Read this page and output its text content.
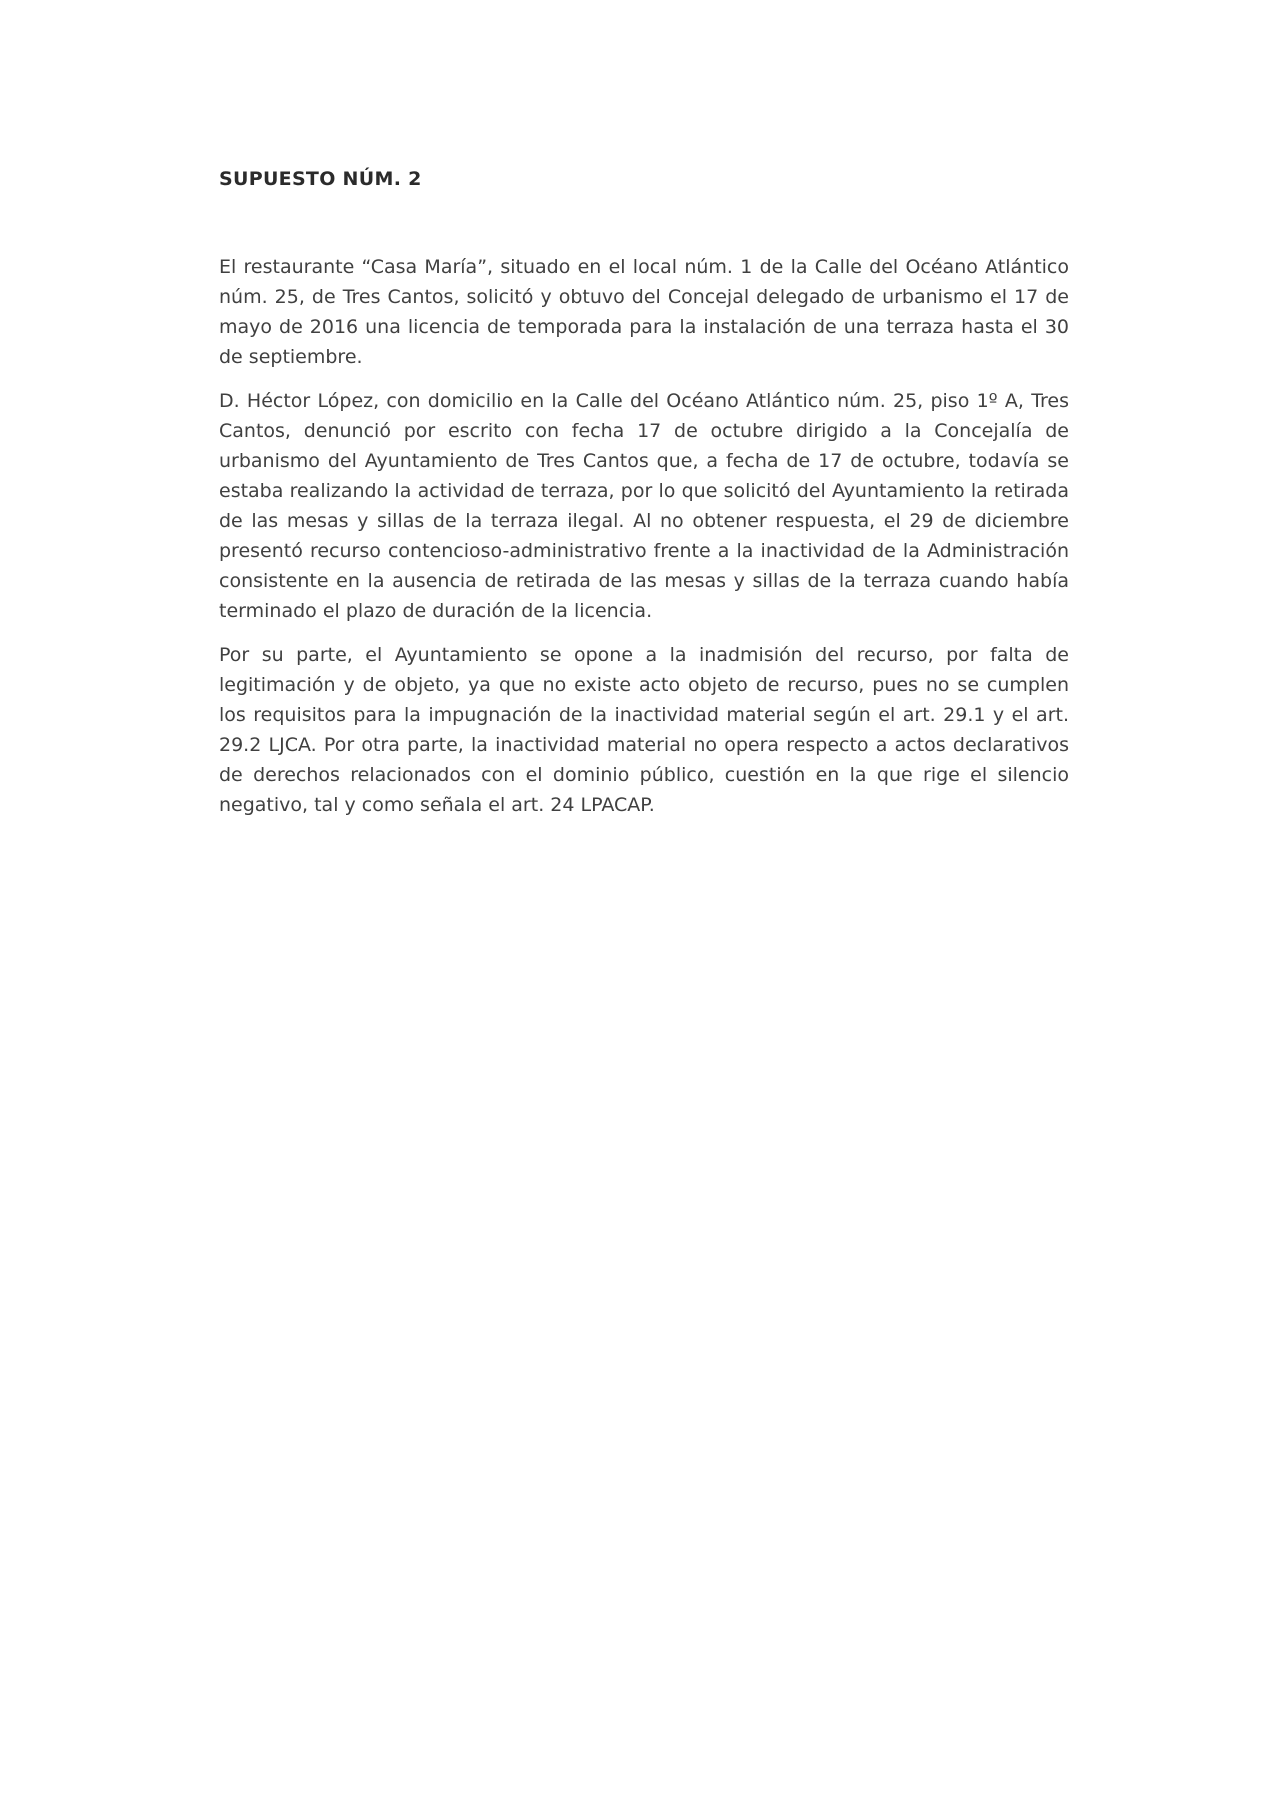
SUPUESTO NÚM. 2

El restaurante “Casa María”, situado en el local núm. 1 de la Calle del Océano Atlántico núm. 25, de Tres Cantos, solicitó y obtuvo del Concejal delegado de urbanismo el 17 de mayo de 2016 una licencia de temporada para la instalación de una terraza hasta el 30 de septiembre.

D. Héctor López, con domicilio en la Calle del Océano Atlántico núm. 25, piso 1º A, Tres Cantos, denunció por escrito con fecha 17 de octubre dirigido a la Concejalía de urbanismo del Ayuntamiento de Tres Cantos que, a fecha de 17 de octubre, todavía se estaba realizando la actividad de terraza, por lo que solicitó del Ayuntamiento la retirada de las mesas y sillas de la terraza ilegal. Al no obtener respuesta, el 29 de diciembre presentó recurso contencioso-administrativo frente a la inactividad de la Administración consistente en la ausencia de retirada de las mesas y sillas de la terraza cuando había terminado el plazo de duración de la licencia.

Por su parte, el Ayuntamiento se opone a la inadmisión del recurso, por falta de legitimación y de objeto, ya que no existe acto objeto de recurso, pues no se cumplen los requisitos para la impugnación de la inactividad material según el art. 29.1 y el art. 29.2 LJCA. Por otra parte, la inactividad material no opera respecto a actos declarativos de derechos relacionados con el dominio público, cuestión en la que rige el silencio negativo, tal y como señala el art. 24 LPACAP.
